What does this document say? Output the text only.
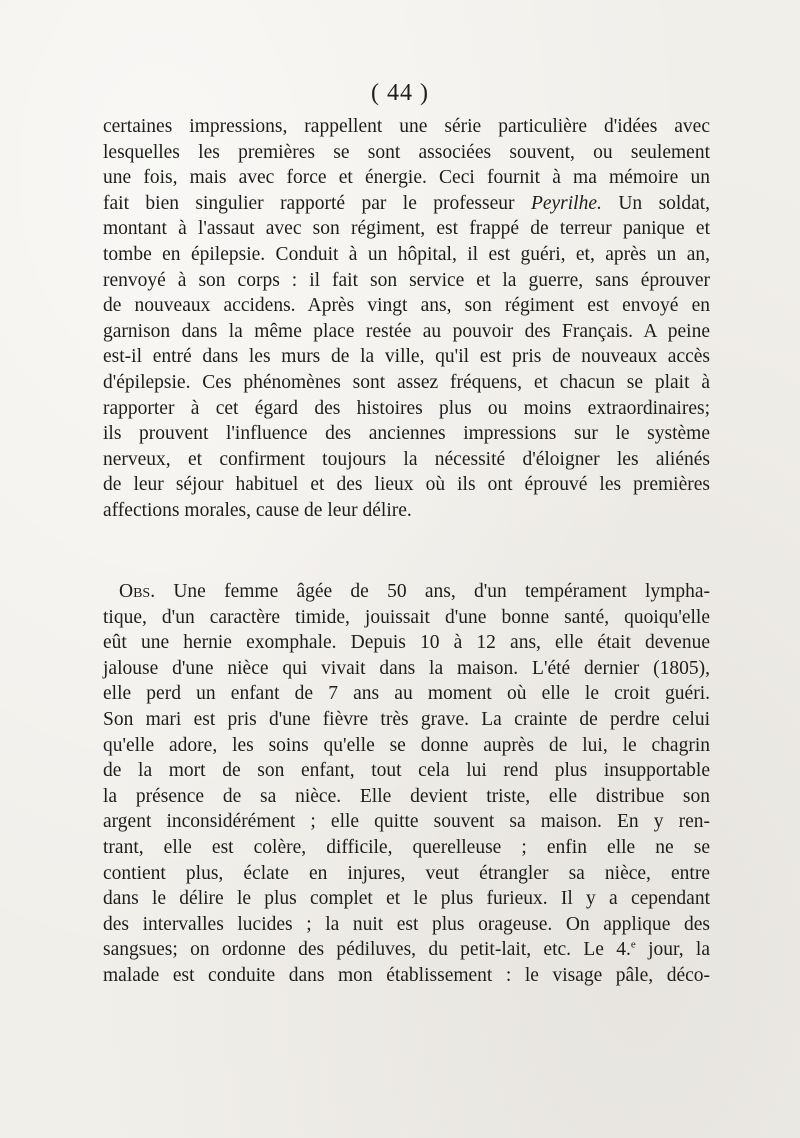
( 44 )
certaines impressions, rappellent une série particulière d'idées avec
lesquelles les premières se sont associées souvent, ou seulement
une fois, mais avec force et énergie. Ceci fournit à ma mémoire un
fait bien singulier rapporté par le professeur Peyrilhe. Un soldat,
montant à l'assaut avec son régiment, est frappé de terreur panique et
tombe en épilepsie. Conduit à un hôpital, il est guéri, et, après un an,
renvoyé à son corps : il fait son service et la guerre, sans éprouver
de nouveaux accidens. Après vingt ans, son régiment est envoyé en
garnison dans la même place restée au pouvoir des Français. A peine
est-il entré dans les murs de la ville, qu'il est pris de nouveaux accès
d'épilepsie. Ces phénomènes sont assez fréquens, et chacun se plait à
rapporter à cet égard des histoires plus ou moins extraordinaires;
ils prouvent l'influence des anciennes impressions sur le système
nerveux, et confirment toujours la nécessité d'éloigner les aliénés
de leur séjour habituel et des lieux où ils ont éprouvé les premières
affections morales, cause de leur délire.
Obs. Une femme âgée de 50 ans, d'un tempérament lympha-
tique, d'un caractère timide, jouissait d'une bonne santé, quoiqu'elle
eût une hernie exomphale. Depuis 10 à 12 ans, elle était devenue
jalouse d'une nièce qui vivait dans la maison. L'été dernier (1805),
elle perd un enfant de 7 ans au moment où elle le croit guéri.
Son mari est pris d'une fièvre très grave. La crainte de perdre celui
qu'elle adore, les soins qu'elle se donne auprès de lui, le chagrin
de la mort de son enfant, tout cela lui rend plus insupportable
la présence de sa nièce. Elle devient triste, elle distribue son
argent inconsidérément ; elle quitte souvent sa maison. En y ren-
trant, elle est colère, difficile, querelleuse ; enfin elle ne se
contient plus, éclate en injures, veut étrangler sa nièce, entre
dans le délire le plus complet et le plus furieux. Il y a cependant
des intervalles lucides ; la nuit est plus orageuse. On applique des
sangsues; on ordonne des pédiluves, du petit-lait, etc. Le 4.$^e$ jour, la
malade est conduite dans mon établissement : le visage pâle, déco-
